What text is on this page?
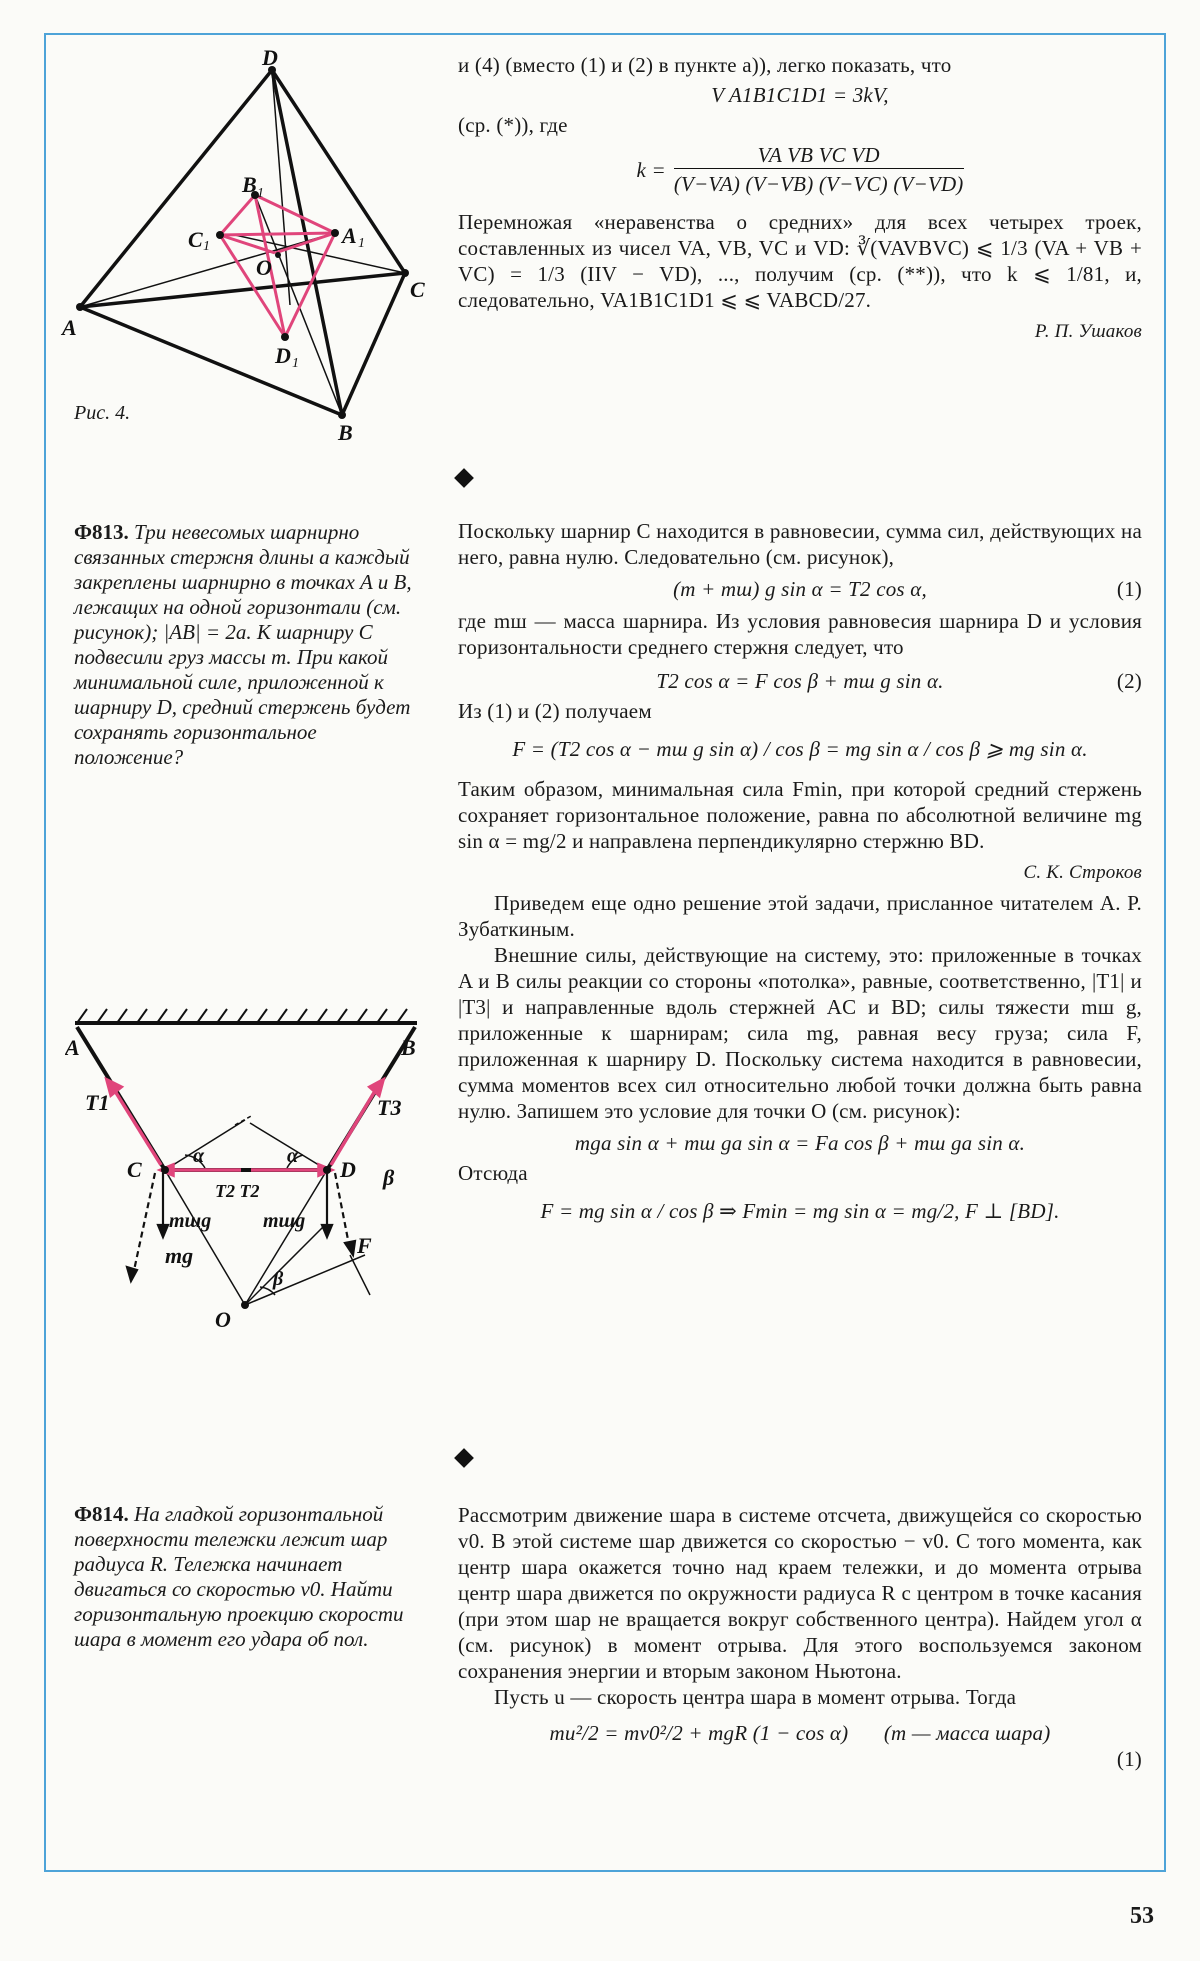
D
B
C	A
O
C
A
D
B
1
1	1
1
Рис. 4.

и (4) (вместо (1) и (2) в пункте а)), легко показать, что

V A1B1C1D1 = 3kV,

(ср. (*)), где

$k = \frac{\text{VA VB VC VD}}{(V-VA) (V-VB) (V-VC) (V-VD)}$

Перемножая «неравенства о средних» для всех четырех троек, составленных из чисел VA, VB, VC и VD: ∛(VAVBVC) ⩽ 1/3 (VA + VB + VC) = 1/3 (IIV − VD), ..., получим (ср. (**)), что k ⩽ 1/81, и, следовательно, VA1B1C1D1 ⩽ ⩽ VABCD/27.

Р. П. Ушаков

Ф813. Три невесомых шарнирно связанных стержня длины a каждый закреплены шарнирно в точках A и B, лежащих на одной горизонтали (см. рисунок); |AB| = 2a. К шарниру C подвесили груз массы m. При какой минимальной силе, приложенной к шарниру D, средний стержень будет сохранять горизонтальное положение?
A	B
T1	T3
C	D
T2 T2
α	α
β
mшg	mшg
mg	F
O
β

Поскольку шарнир C находится в равновесии, сумма сил, действующих на него, равна нулю. Следовательно (см. рисунок),

(m + mш) g sin α = T2 cos α,	(1)

где mш — масса шарнира. Из условия равновесия шарнира D и условия горизонтальности среднего стержня следует, что

T2 cos α = F cos β + mш g sin α.	(2)

Из (1) и (2) получаем

F = (T2 cos α − mш g sin α) / cos β = mg sin α / cos β ⩾ mg sin α.

Таким образом, минимальная сила Fmin, при которой средний стержень сохраняет горизонтальное положение, равна по абсолютной величине mg sin α = mg/2 и направлена перпендикулярно стержню BD.

С. К. Строков

Приведем еще одно решение этой задачи, присланное читателем А. Р. Зубаткиным.

Внешние силы, действующие на систему, это: приложенные в точках A и B силы реакции со стороны «потолка», равные, соответственно, |T1| и |T3| и направленные вдоль стержней AC и BD; силы тяжести mш g, приложенные к шарнирам; сила mg, равная весу груза; сила F, приложенная к шарниру D. Поскольку система находится в равновесии, сумма моментов всех сил относительно любой точки должна быть равна нулю. Запишем это условие для точки O (см. рисунок):

mga sin α + mш ga sin α = Fa cos β + mш ga sin α.

Отсюда

F = mg sin α / cos β ⇒ Fmin = mg sin α = mg/2, F ⊥ [BD].

Ф814. На гладкой горизонтальной поверхности тележки лежит шар радиуса R. Тележка начинает двигаться со скоростью v0. Найти горизонтальную проекцию скорости шара в момент его удара об пол.

Рассмотрим движение шара в системе отсчета, движущейся со скоростью v0. В этой системе шар движется со скоростью − v0. С того момента, как центр шара окажется точно над краем тележки, и до момента отрыва центр шара движется по окружности радиуса R с центром в точке касания (при этом шар не вращается вокруг собственного центра). Найдем угол α (см. рисунок) в момент отрыва. Для этого воспользуемся законом сохранения энергии и вторым законом Ньютона.

Пусть u — скорость центра шара в момент отрыва. Тогда

mu²/2 = mv0²/2 + mgR (1 − cos α) (m — масса шара)
(1)
53
